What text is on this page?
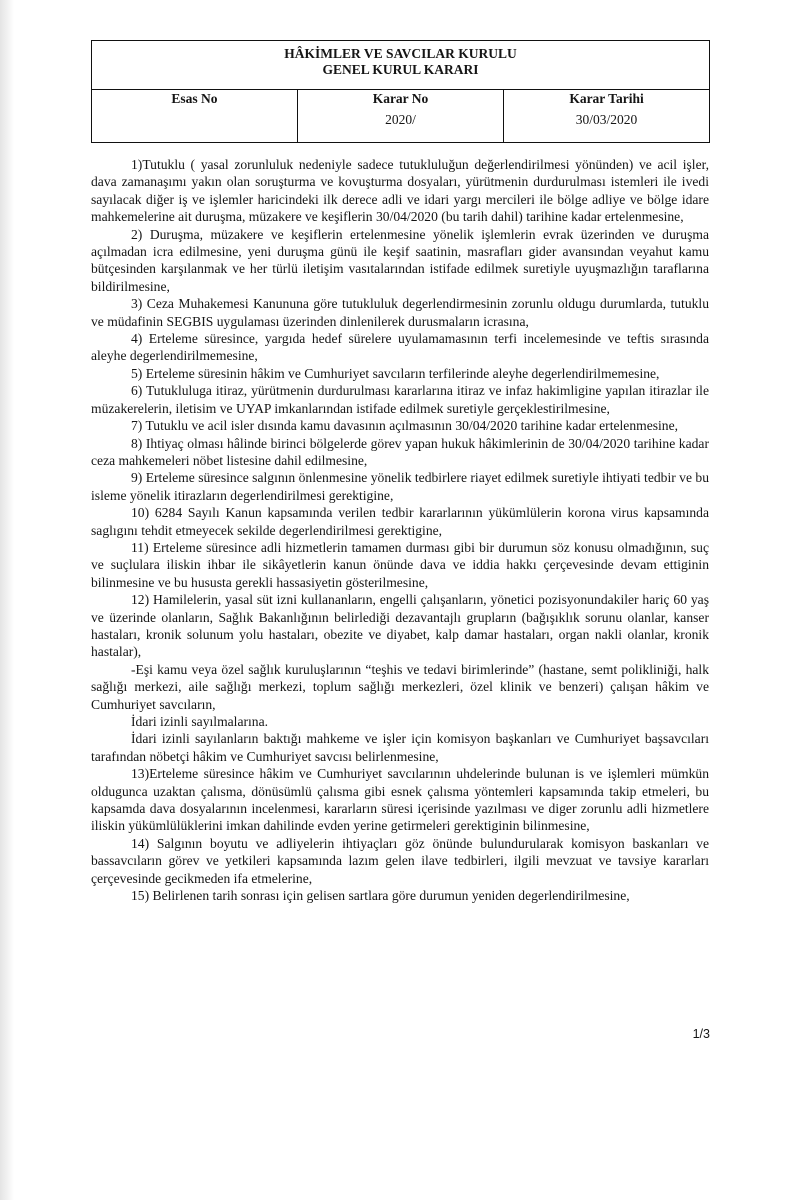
HÂKİMLER VE SAVCILAR KURULU
GENEL KURUL KARARI		

Esas No	Karar No	Karar Tarihi
	2020/	30/03/2020

1)Tutuklu ( yasal zorunluluk nedeniyle sadece tutukluluğun değerlendirilmesi yönünden) ve acil işler, dava zamanaşımı yakın olan soruşturma ve kovuşturma dosyaları, yürütmenin durdurulması istemleri ile ivedi sayılacak diğer iş ve işlemler haricindeki ilk derece adli ve idari yargı mercileri ile bölge adliye ve bölge idare mahkemelerine ait duruşma, müzakere ve keşiflerin 30/04/2020 (bu tarih dahil) tarihine kadar ertelenmesine,

2) Duruşma, müzakere ve keşiflerin ertelenmesine yönelik işlemlerin evrak üzerinden ve duruşma açılmadan icra edilmesine, yeni duruşma günü ile keşif saatinin, masrafları gider avansından veyahut kamu bütçesinden karşılanmak ve her türlü iletişim vasıtalarından istifade edilmek suretiyle uyuşmazlığın taraflarına bildirilmesine,

3) Ceza Muhakemesi Kanununa göre tutukluluk degerlendirmesinin zorunlu oldugu durumlarda, tutuklu ve müdafinin SEGBIS uygulaması üzerinden dinlenilerek durusmaların icrasına,

4) Erteleme süresince, yargıda hedef sürelere uyulamamasının terfi incelemesinde ve teftis sırasında aleyhe degerlendirilmemesine,

5) Erteleme süresinin hâkim ve Cumhuriyet savcıların terfilerinde aleyhe degerlendirilmemesine,

6) Tutukluluga itiraz, yürütmenin durdurulması kararlarına itiraz ve infaz hakimligine yapılan itirazlar ile müzakerelerin, iletisim ve UYAP imkanlarından istifade edilmek suretiyle gerçeklestirilmesine,

7) Tutuklu ve acil isler dısında kamu davasının açılmasının 30/04/2020 tarihine kadar ertelenmesine,

8) Ihtiyaç olması hâlinde birinci bölgelerde görev yapan hukuk hâkimlerinin de 30/04/2020 tarihine kadar ceza mahkemeleri nöbet listesine dahil edilmesine,

9) Erteleme süresince salgının önlenmesine yönelik tedbirlere riayet edilmek suretiyle ihtiyati tedbir ve bu isleme yönelik itirazların degerlendirilmesi gerektigine,

10) 6284 Sayılı Kanun kapsamında verilen tedbir kararlarının yükümlülerin korona virus kapsamında saglıgını tehdit etmeyecek sekilde degerlendirilmesi gerektigine,

11) Erteleme süresince adli hizmetlerin tamamen durması gibi bir durumun söz konusu olmadığının, suç ve suçlulara iliskin ihbar ile sikâyetlerin kanun önünde dava ve iddia hakkı çerçevesinde devam ettiginin bilinmesine ve bu hususta gerekli hassasiyetin gösterilmesine,

12) Hamilelerin, yasal süt izni kullananların, engelli çalışanların, yönetici pozisyonundakiler hariç 60 yaş ve üzerinde olanların, Sağlık Bakanlığının belirlediği dezavantajlı grupların (bağışıklık sorunu olanlar, kanser hastaları, kronik solunum yolu hastaları, obezite ve diyabet, kalp damar hastaları, organ nakli olanlar, kronik hastalar),

-Eşi kamu veya özel sağlık kuruluşlarının “teşhis ve tedavi birimlerinde” (hastane, semt polikliniği, halk sağlığı merkezi, aile sağlığı merkezi, toplum sağlığı merkezleri, özel klinik ve benzeri) çalışan hâkim ve Cumhuriyet savcıların,

İdari izinli sayılmalarına.

İdari izinli sayılanların baktığı mahkeme ve işler için komisyon başkanları ve Cumhuriyet başsavcıları tarafından nöbetçi hâkim ve Cumhuriyet savcısı belirlenmesine,

13)Erteleme süresince hâkim ve Cumhuriyet savcılarının uhdelerinde bulunan is ve işlemleri mümkün oldugunca uzaktan çalısma, dönüsümlü çalısma gibi esnek çalısma yöntemleri kapsamında takip etmeleri, bu kapsamda dava dosyalarının incelenmesi, kararların süresi içerisinde yazılması ve diger zorunlu adli hizmetlere iliskin yükümlülüklerini imkan dahilinde evden yerine getirmeleri gerektiginin bilinmesine,

14) Salgının boyutu ve adliyelerin ihtiyaçları göz önünde bulundurularak komisyon baskanları ve bassavcıların görev ve yetkileri kapsamında lazım gelen ilave tedbirleri, ilgili mevzuat ve tavsiye kararları çerçevesinde gecikmeden ifa etmelerine,

15) Belirlenen tarih sonrası için gelisen sartlara göre durumun yeniden degerlendirilmesine,

1/3
